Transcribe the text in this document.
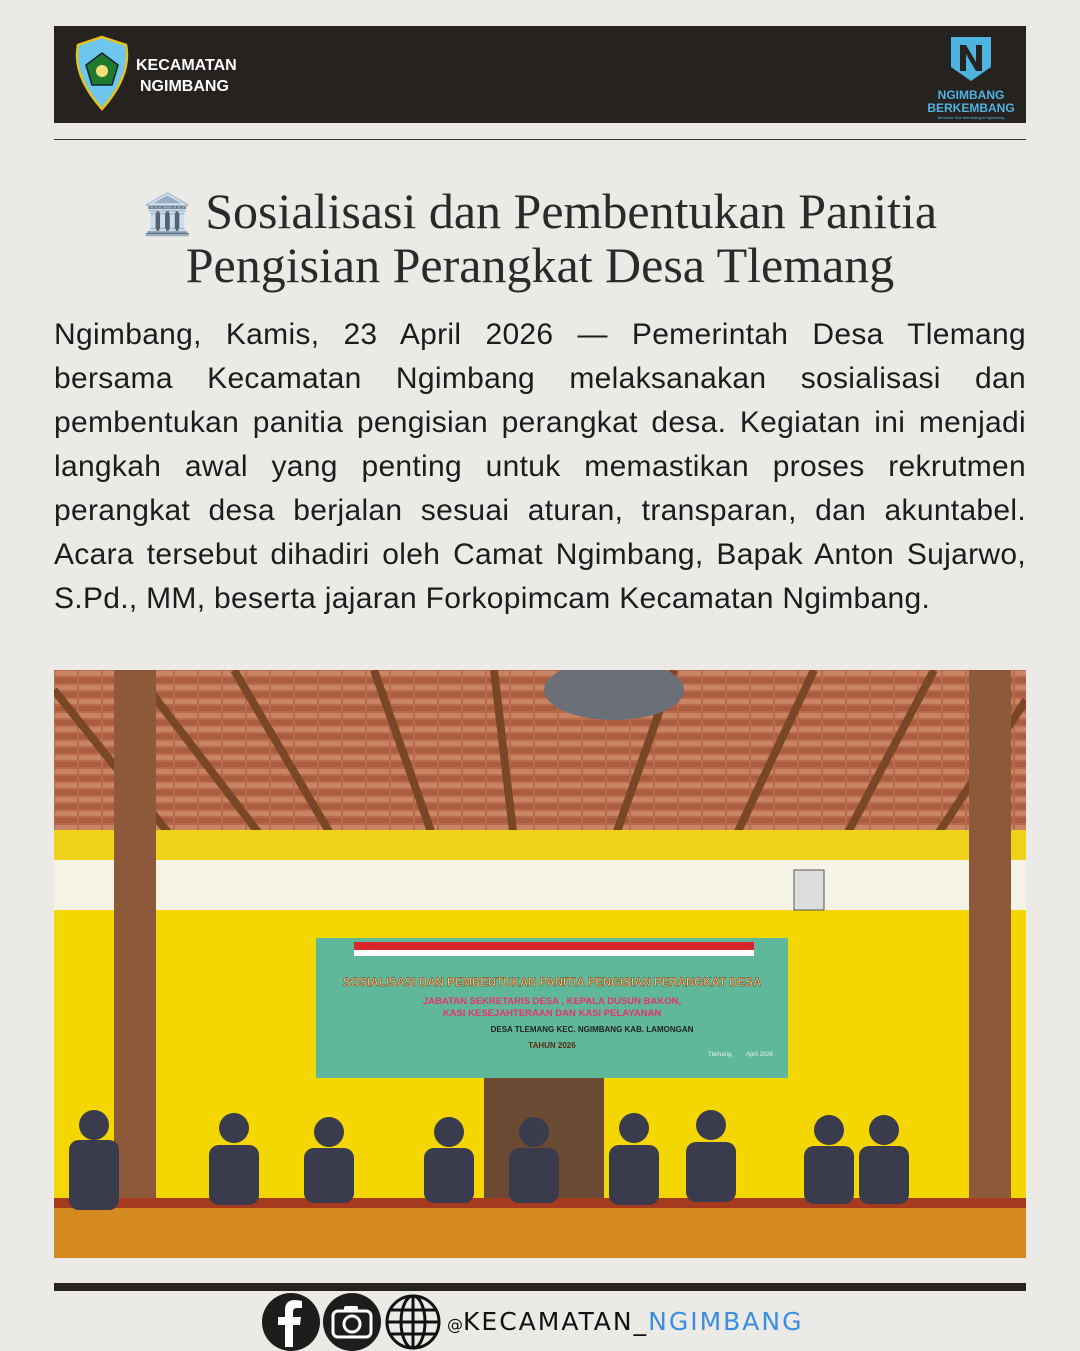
KECAMATAN
NGIMBANG	NGIMBANG
BERKEMBANG
Bersama Kita Membangun Ngimbang
🏛️ Sosialisasi dan Pembentukan Panitia Pengisian Perangkat Desa Tlemang

Ngimbang, Kamis, 23 April 2026 — Pemerintah Desa Tlemang bersama Kecamatan Ngimbang melaksanakan sosialisasi dan pembentukan panitia pengisian perangkat desa. Kegiatan ini menjadi langkah awal yang penting untuk memastikan proses rekrutmen perangkat desa berjalan sesuai aturan, transparan, dan akuntabel. Acara tersebut dihadiri oleh Camat Ngimbang, Bapak Anton Sujarwo, S.Pd., MM, beserta jajaran Forkopimcam Kecamatan Ngimbang.

SOSIALISASI DAN PEMBENTUKAN PANITIA PENGISIAN PERANGKAT DESA
JABATAN SEKRETARIS DESA , KEPALA DUSUN BAKON,
KASI KESEJAHTERAAN DAN KASI PELAYANAN
DESA TLEMANG KEC. NGIMBANG KAB. LAMONGAN
TAHUN 2026
Tlemang,        April 2026
@KECAMATAN_NGIMBANG
